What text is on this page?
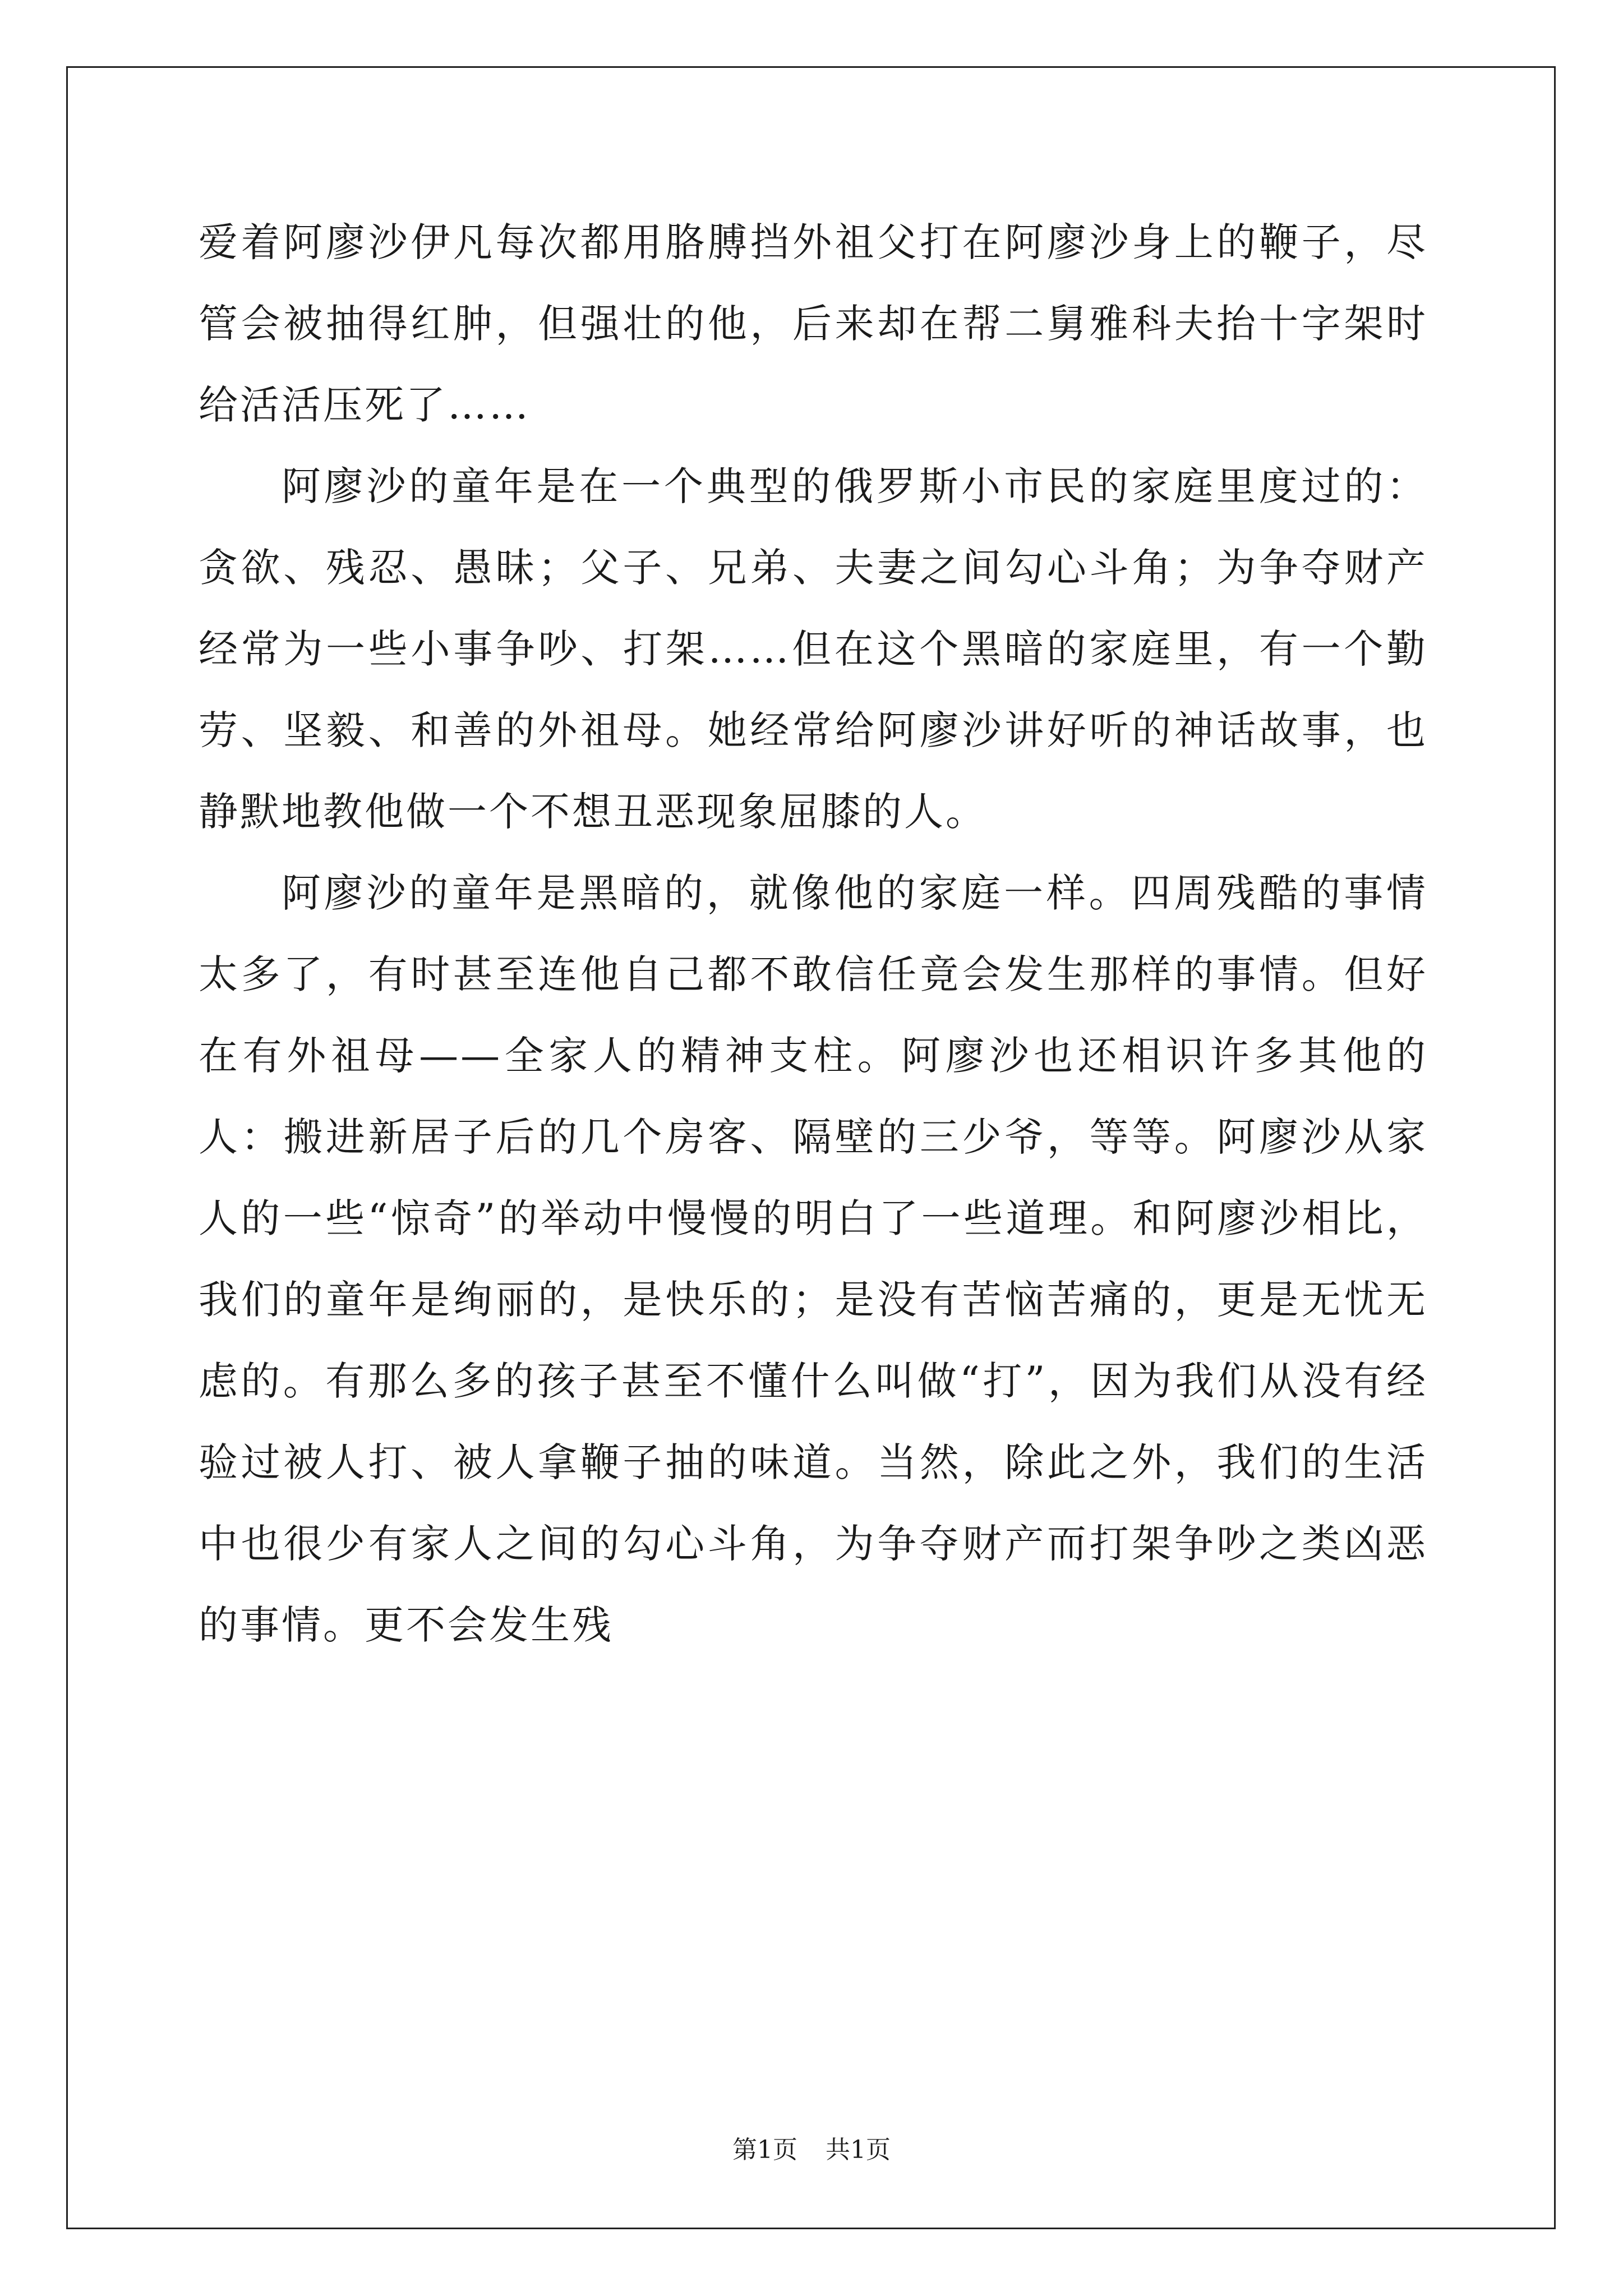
爱着阿廖沙伊凡每次都用胳膊挡外祖父打在阿廖沙身上的鞭子，尽管会被抽得红肿，但强壮的他，后来却在帮二舅雅科夫抬十字架时给活活压死了……

阿廖沙的童年是在一个典型的俄罗斯小市民的家庭里度过的：贪欲、残忍、愚昧；父子、兄弟、夫妻之间勾心斗角；为争夺财产经常为一些小事争吵、打架……但在这个黑暗的家庭里，有一个勤劳、坚毅、和善的外祖母。她经常给阿廖沙讲好听的神话故事，也静默地教他做一个不想丑恶现象屈膝的人。

阿廖沙的童年是黑暗的，就像他的家庭一样。四周残酷的事情太多了，有时甚至连他自己都不敢信任竟会发生那样的事情。但好在有外祖母——全家人的精神支柱。阿廖沙也还相识许多其他的人：搬进新居子后的几个房客、隔壁的三少爷，等等。阿廖沙从家人的一些“惊奇”的举动中慢慢的明白了一些道理。和阿廖沙相比，我们的童年是绚丽的，是快乐的；是没有苦恼苦痛的，更是无忧无虑的。有那么多的孩子甚至不懂什么叫做“打”，因为我们从没有经验过被人打、被人拿鞭子抽的味道。当然，除此之外，我们的生活中也很少有家人之间的勾心斗角，为争夺财产而打架争吵之类凶恶的事情。更不会发生残

第1页 共1页
